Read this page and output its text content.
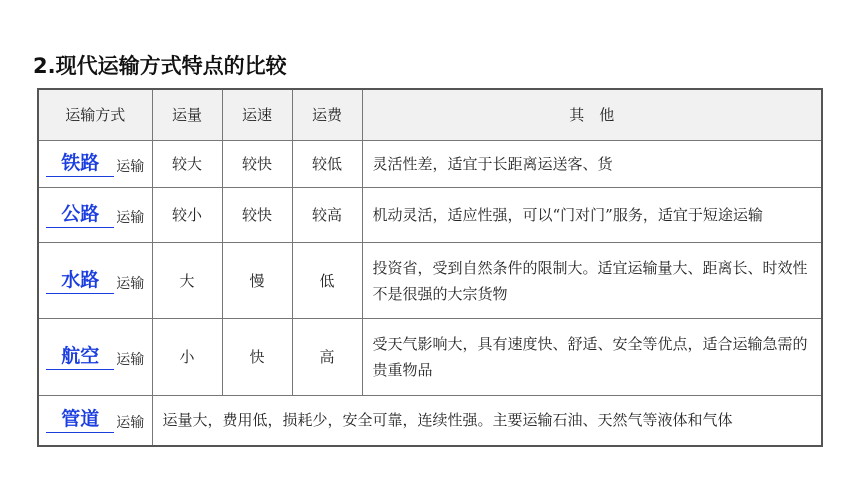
2.现代运输方式特点的比较
运输方式	运量	运速	运费	其　他

铁路 运输	较大	较快	较低	灵活性差，适宜于长距离运送客、货

公路 运输	较小	较快	较高	机动灵活，适应性强，可以“门对门”服务，适宜于短途运输

水路 运输	大	慢	低	投资省，受到自然条件的限制大。适宜运输量大、距离长、时效性不是很强的大宗货物

航空 运输	小	快	高	受天气影响大，具有速度快、舒适、安全等优点，适合运输急需的贵重物品

管道 运输	运量大，费用低，损耗少，安全可靠，连续性强。主要运输石油、天然气等液体和气体			
